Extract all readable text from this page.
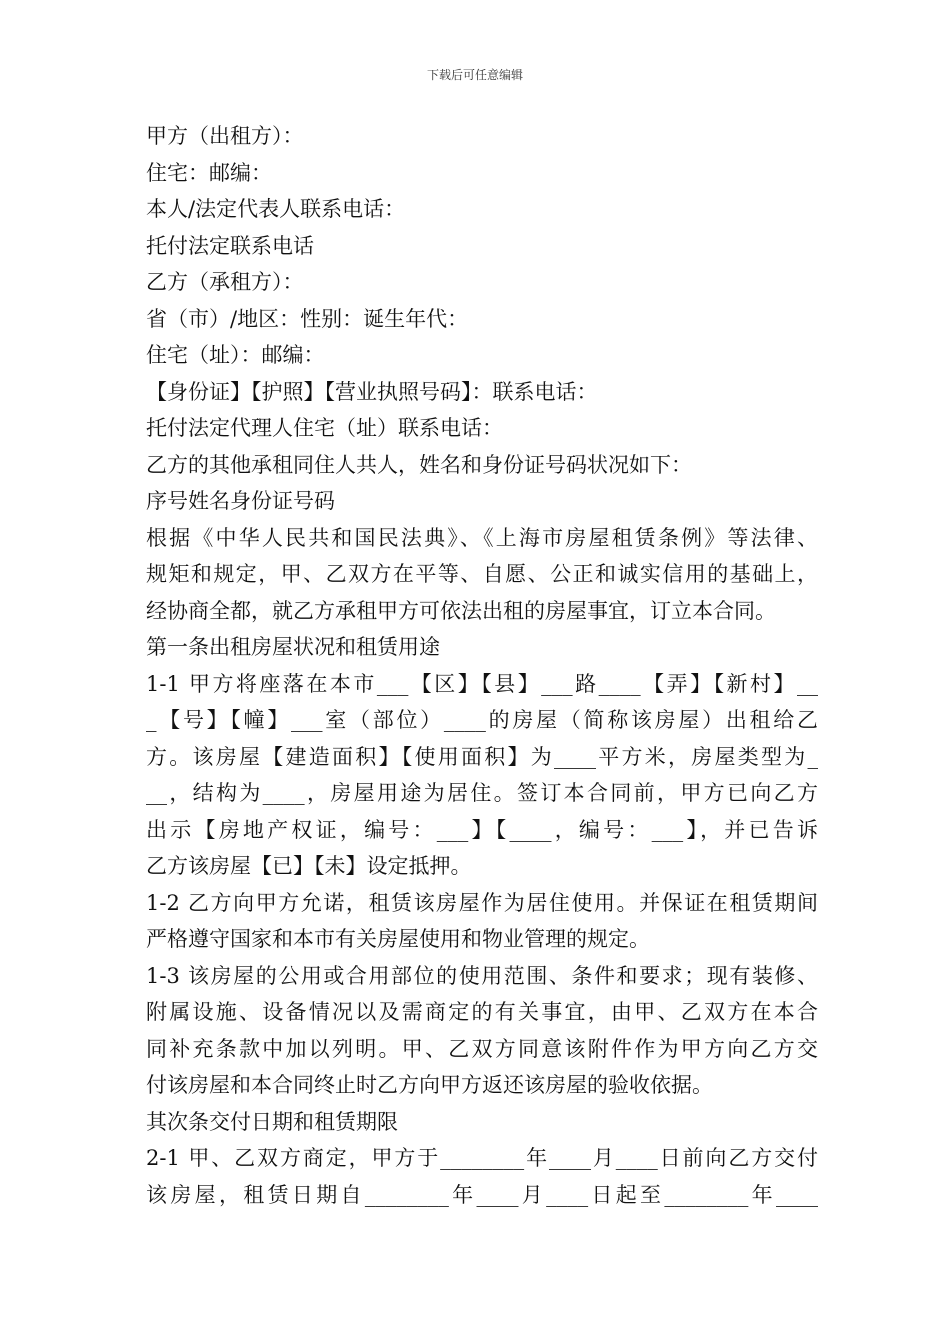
下载后可任意编辑
甲方（出租方）：
住宅：邮编：
本人/法定代表人联系电话：
托付法定联系电话
乙方（承租方）：
省（市）/地区：性别：诞生年代：
住宅（址）：邮编：
【身份证】【护照】【营业执照号码】：联系电话：
托付法定代理人住宅（址）联系电话：
乙方的其他承租同住人共人，姓名和身份证号码状况如下：
序号姓名身份证号码
根据《中华人民共和国民法典》、《上海市房屋租赁条例》等法律、
规矩和规定，甲、乙双方在平等、自愿、公正和诚实信用的基础上，
经协商全都，就乙方承租甲方可依法出租的房屋事宜，订立本合同。
第一条出租房屋状况和租赁用途
1-1 甲方将座落在本市___【区】【县】___路____【弄】【新村】__
_【号】【幢】___室（部位）____的房屋（简称该房屋）出租给乙
方。该房屋【建造面积】【使用面积】为____平方米，房屋类型为_
__，结构为____，房屋用途为居住。签订本合同前，甲方已向乙方
出示【房地产权证，编号：___】【____，编号：___】，并已告诉
乙方该房屋【已】【未】设定抵押。
1-2 乙方向甲方允诺，租赁该房屋作为居住使用。并保证在租赁期间
严格遵守国家和本市有关房屋使用和物业管理的规定。
1-3 该房屋的公用或合用部位的使用范围、条件和要求；现有装修、
附属设施、设备情况以及需商定的有关事宜，由甲、乙双方在本合
同补充条款中加以列明。甲、乙双方同意该附件作为甲方向乙方交
付该房屋和本合同终止时乙方向甲方返还该房屋的验收依据。
其次条交付日期和租赁期限
2-1 甲、乙双方商定，甲方于________年____月____日前向乙方交付
该房屋，租赁日期自________年____月____日起至________年____
